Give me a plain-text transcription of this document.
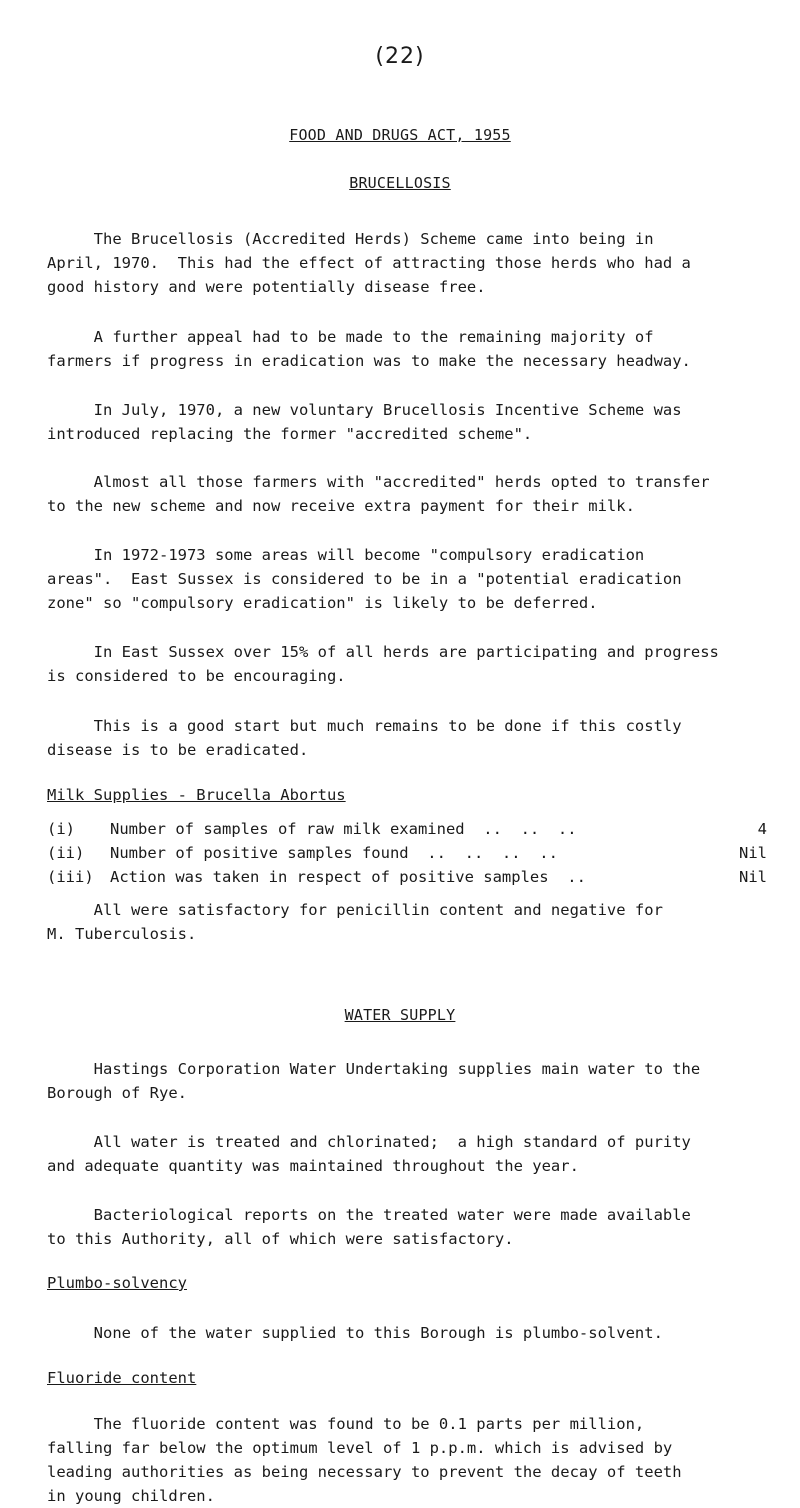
(22)
FOOD AND DRUGS ACT, 1955
BRUCELLOSIS
The Brucellosis (Accredited Herds) Scheme came into being in
April, 1970.  This had the effect of attracting those herds who had a
good history and were potentially disease free.
A further appeal had to be made to the remaining majority of
farmers if progress in eradication was to make the necessary headway.
In July, 1970, a new voluntary Brucellosis Incentive Scheme was
introduced replacing the former "accredited scheme".
Almost all those farmers with "accredited" herds opted to transfer
to the new scheme and now receive extra payment for their milk.
In 1972-1973 some areas will become "compulsory eradication
areas".  East Sussex is considered to be in a "potential eradication
zone" so "compulsory eradication" is likely to be deferred.
In East Sussex over 15% of all herds are participating and progress
is considered to be encouraging.
This is a good start but much remains to be done if this costly
disease is to be eradicated.
Milk Supplies - Brucella Abortus
(i) Number of samples of raw milk examined  ..  ..  ..	4
(ii) Number of positive samples found  ..  ..  ..  ..	Nil
(iii) Action was taken in respect of positive samples  ..	Nil
All were satisfactory for penicillin content and negative for
M. Tuberculosis.
WATER SUPPLY
Hastings Corporation Water Undertaking supplies main water to the
Borough of Rye.
All water is treated and chlorinated;  a high standard of purity
and adequate quantity was maintained throughout the year.
Bacteriological reports on the treated water were made available
to this Authority, all of which were satisfactory.
Plumbo-solvency
None of the water supplied to this Borough is plumbo-solvent.
Fluoride content
The fluoride content was found to be 0.1 parts per million,
falling far below the optimum level of 1 p.p.m. which is advised by
leading authorities as being necessary to prevent the decay of teeth
in young children.
